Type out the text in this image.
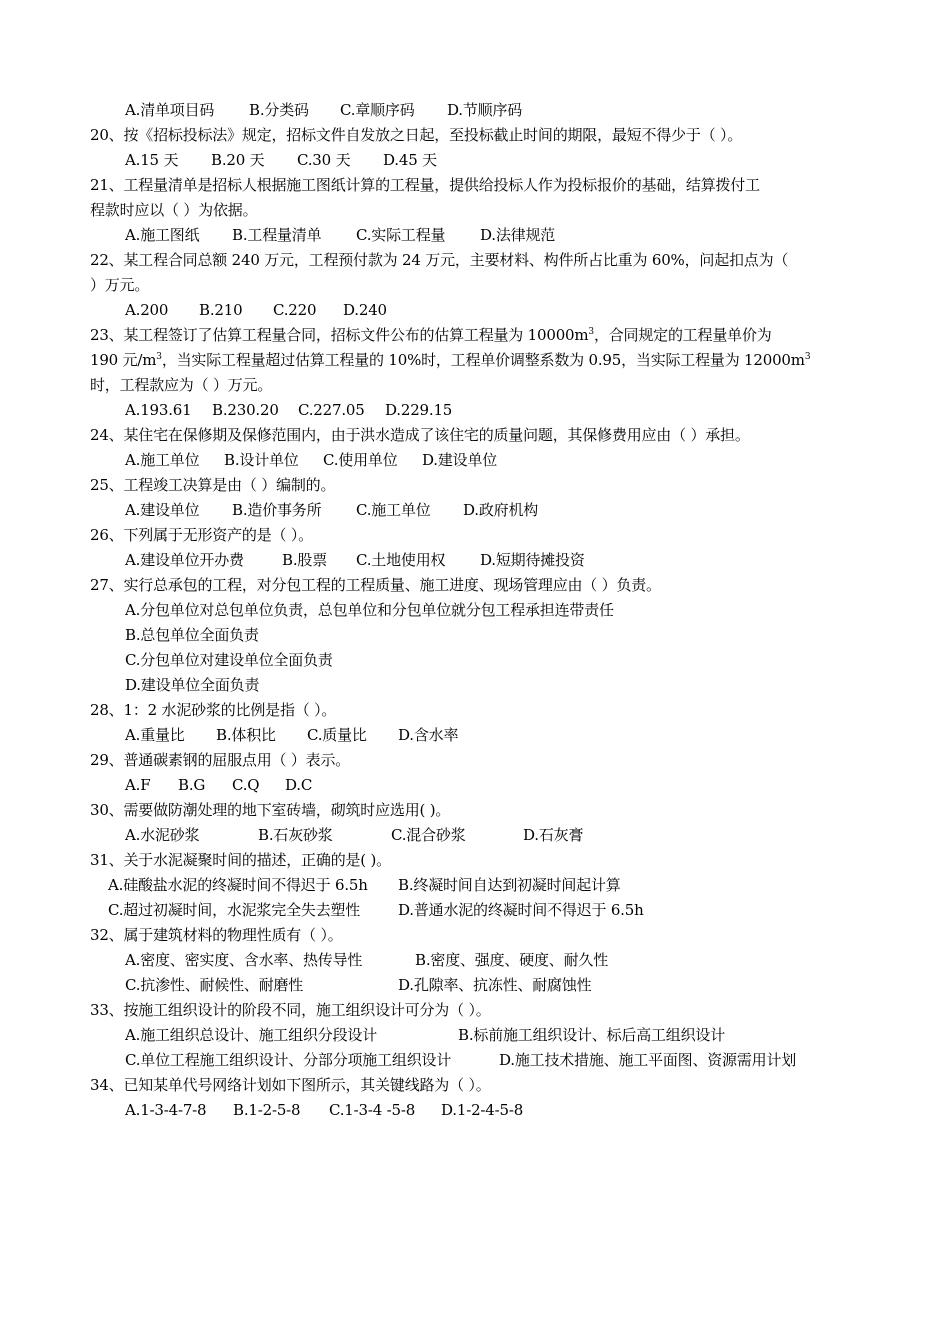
A.清单项目码 B.分类码 C.章顺序码 D.节顺序码
20、按《招标投标法》规定，招标文件自发放之日起，至投标截止时间的期限，最短不得少于（ ）。
A.15 天 B.20 天 C.30 天 D.45 天
21、工程量清单是招标人根据施工图纸计算的工程量，提供给投标人作为投标报价的基础，结算拨付工
程款时应以（ ）为依据。
A.施工图纸 B.工程量清单 C.实际工程量 D.法律规范
22、某工程合同总额 240 万元，工程预付款为 24 万元，主要材料、构件所占比重为 60%，问起扣点为（
）万元。
A.200 B.210 C.220 D.240
23、某工程签订了估算工程量合同，招标文件公布的估算工程量为 $10000m^3$，合同规定的工程量单价为
190 元$/m^3$，当实际工程量超过估算工程量的 10%时，工程单价调整系数为 0.95，当实际工程量为 $12000m^3$
时，工程款应为（ ）万元。
A.193.61 B.230.20 C.227.05 D.229.15
24、某住宅在保修期及保修范围内，由于洪水造成了该住宅的质量问题，其保修费用应由（ ）承担。
A.施工单位 B.设计单位 C.使用单位 D.建设单位
25、工程竣工决算是由（ ）编制的。
A.建设单位 B.造价事务所 C.施工单位 D.政府机构
26、下列属于无形资产的是（ ）。
A.建设单位开办费	B.股票 C.土地使用权 D.短期待摊投资
27、实行总承包的工程，对分包工程的工程质量、施工进度、现场管理应由（ ）负责。
A.分包单位对总包单位负责，总包单位和分包单位就分包工程承担连带责任
B.总包单位全面负责
C.分包单位对建设单位全面负责
D.建设单位全面负责
28、1：2 水泥砂浆的比例是指（ ）。
A.重量比 B.体积比 C.质量比 D.含水率
29、普通碳素钢的屈服点用（ ）表示。
A.F B.G C.Q D.C
30、需要做防潮处理的地下室砖墙，砌筑时应选用( )。
A.水泥砂浆	B.石灰砂浆	C.混合砂浆	D.石灰膏
31、关于水泥凝聚时间的描述，正确的是( )。
A.硅酸盐水泥的终凝时间不得迟于 6.5h B.终凝时间自达到初凝时间起计算
C.超过初凝时间，水泥浆完全失去塑性	D.普通水泥的终凝时间不得迟于 6.5h
32、属于建筑材料的物理性质有（ ）。
A.密度、密实度、含水率、热传导性	B.密度、强度、硬度、耐久性
C.抗渗性、耐候性、耐磨性	D.孔隙率、抗冻性、耐腐蚀性
33、按施工组织设计的阶段不同，施工组织设计可分为（ ）。
A.施工组织总设计、施工组织分段设计	B.标前施工组织设计、标后高工组织设计
C.单位工程施工组织设计、分部分项施工组织设计	D.施工技术措施、施工平面图、资源需用计划
34、已知某单代号网络计划如下图所示，其关键线路为（ ）。
A.1-3-4-7-8 B.1-2-5-8 C.1-3-4 -5-8 D.1-2-4-5-8
